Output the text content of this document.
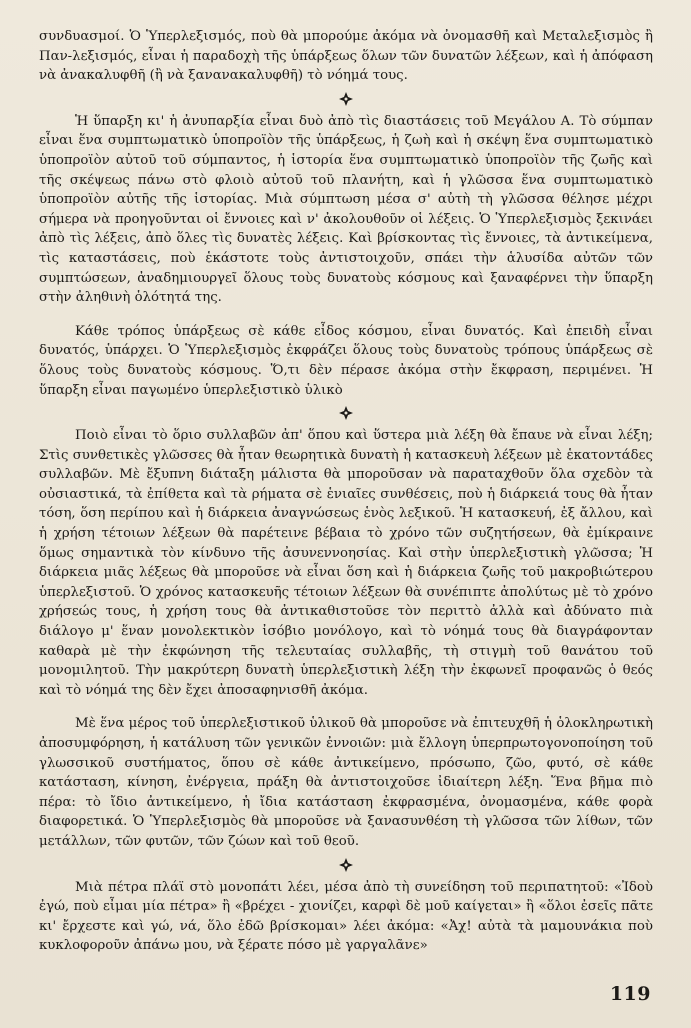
συνδυασμοί. Ὁ Ὑπερλεξισμός, ποὺ θὰ μπορούμε ἀκόμα νὰ ὀνομασθῆ καὶ Μεταλεξισμὸς ἢ Παν-λεξισμός, εἶναι ἡ παραδοχὴ τῆς ὑπάρξεως ὅλων τῶν δυνατῶν λέξεων, καὶ ἡ ἀπόφαση νὰ ἀνακαλυφθῆ (ἢ νὰ ξανανακαλυφθῆ) τὸ νόημά τους.

Ἡ ὕπαρξη κι' ἡ ἀνυπαρξία εἶναι δυὸ ἀπὸ τὶς διαστάσεις τοῦ Μεγάλου Α. Τὸ σύμπαν εἶναι ἕνα συμπτωματικὸ ὑποπροϊὸν τῆς ὑπάρξεως, ἡ ζωὴ καὶ ἡ σκέψη ἕνα συμπτωματικὸ ὑποπροϊὸν αὐτοῦ τοῦ σύμπαντος, ἡ ἱστορία ἕνα συμπτωματικὸ ὑποπροϊὸν τῆς ζωῆς καὶ τῆς σκέψεως πάνω στὸ φλοιὸ αὐτοῦ τοῦ πλανήτη, καὶ ἡ γλῶσσα ἕνα συμπτωματικὸ ὑποπροϊὸν αὐτῆς τῆς ἱστορίας. Μιὰ σύμπτωση μέσα σ' αὐτὴ τὴ γλῶσσα θέλησε μέχρι σήμερα νὰ προηγοῦνται οἱ ἔννοιες καὶ ν' ἀκολουθοῦν οἱ λέξεις. Ὁ Ὑπερλεξισμὸς ξεκινάει ἀπὸ τὶς λέξεις, ἀπὸ ὅλες τὶς δυνατὲς λέξεις. Καὶ βρίσκοντας τὶς ἔννοιες, τὰ ἀντικείμενα, τὶς καταστάσεις, ποὺ ἑκάστοτε τοὺς ἀντιστοιχοῦν, σπάει τὴν ἁλυσίδα αὐτῶν τῶν συμπτώσεων, ἀναδημιουργεῖ ὅλους τοὺς δυνατοὺς κόσμους καὶ ξαναφέρνει τὴν ὕπαρξη στὴν ἀληθινὴ ὁλότητά της.

Κάθε τρόπος ὑπάρξεως σὲ κάθε εἶδος κόσμου, εἶναι δυνατός. Καὶ ἐπειδὴ εἶναι δυνατός, ὑπάρχει. Ὁ Ὑπερλεξισμὸς ἐκφράζει ὅλους τοὺς δυνατοὺς τρόπους ὑπάρξεως σὲ ὅλους τοὺς δυνατοὺς κόσμους. Ὅ,τι δὲν πέρασε ἀκόμα στὴν ἔκφραση, περιμένει. Ἡ ὕπαρξη εἶναι παγωμένο ὑπερλεξιστικὸ ὑλικὸ

Ποιὸ εἶναι τὸ ὅριο συλλαβῶν ἀπ' ὅπου καὶ ὕστερα μιὰ λέξη θὰ ἔπαυε νὰ εἶναι λέξη; Στὶς συνθετικὲς γλῶσσες θὰ ἦταν θεωρητικὰ δυνατὴ ἡ κατασκευὴ λέξεων μὲ ἑκατοντάδες συλλαβῶν. Μὲ ἔξυπνη διάταξη μάλιστα θὰ μποροῦσαν νὰ παραταχθοῦν ὅλα σχεδὸν τὰ οὐσιαστικά, τὰ ἐπίθετα καὶ τὰ ρήματα σὲ ἑνιαῖες συνθέσεις, ποὺ ἡ διάρκειά τους θὰ ἦταν τόση, ὅση περίπου καὶ ἡ διάρκεια ἀναγνώσεως ἑνὸς λεξικοῦ. Ἡ κατασκευή, ἐξ ἄλλου, καὶ ἡ χρήση τέτοιων λέξεων θὰ παρέτεινε βέβαια τὸ χρόνο τῶν συζητήσεων, θὰ ἐμίκραινε ὅμως σημαντικὰ τὸν κίνδυνο τῆς ἀσυνεννοησίας. Καὶ στὴν ὑπερλεξιστικὴ γλῶσσα; Ἡ διάρκεια μιᾶς λέξεως θὰ μποροῦσε νὰ εἶναι ὅση καὶ ἡ διάρκεια ζωῆς τοῦ μακροβιώτερου ὑπερλεξιστοῦ. Ὁ χρόνος κατασκευῆς τέτοιων λέξεων θὰ συνέπιπτε ἀπολύτως μὲ τὸ χρόνο χρήσεώς τους, ἡ χρήση τους θὰ ἀντικαθιστοῦσε τὸν περιττὸ ἀλλὰ καὶ ἀδύνατο πιὰ διάλογο μ' ἕναν μονολεκτικὸν ἰσόβιο μονόλογο, καὶ τὸ νόημά τους θὰ διαγράφονταν καθαρὰ μὲ τὴν ἐκφώνηση τῆς τελευταίας συλλαβῆς, τὴ στιγμὴ τοῦ θανάτου τοῦ μονομιλητοῦ. Τὴν μακρύτερη δυνατὴ ὑπερλεξιστικὴ λέξη τὴν ἐκφωνεῖ προφανῶς ὁ θεός καὶ τὸ νόημά της δὲν ἔχει ἀποσαφηνισθῆ ἀκόμα.

Μὲ ἕνα μέρος τοῦ ὑπερλεξιστικοῦ ὑλικοῦ θὰ μποροῦσε νὰ ἐπιτευχθῆ ἡ ὁλοκληρωτικὴ ἀποσυμφόρηση, ἡ κατάλυση τῶν γενικῶν ἐννοιῶν: μιὰ ἔλλογη ὑπερπρωτογονοποίηση τοῦ γλωσσικοῦ συστήματος, ὅπου σὲ κάθε ἀντικείμενο, πρόσωπο, ζῶο, φυτό, σὲ κάθε κατάσταση, κίνηση, ἐνέργεια, πράξη θὰ ἀντιστοιχοῦσε ἰδιαίτερη λέξη. Ἕνα βῆμα πιὸ πέρα: τὸ ἴδιο ἀντικείμενο, ἡ ἴδια κατάσταση ἐκφρασμένα, ὀνομασμένα, κάθε φορὰ διαφορετικά. Ὁ Ὑπερλεξισμὸς θὰ μποροῦσε νὰ ξανασυνθέση τὴ γλῶσσα τῶν λίθων, τῶν μετάλλων, τῶν φυτῶν, τῶν ζώων καὶ τοῦ θεοῦ.

Μιὰ πέτρα πλάϊ στὸ μονοπάτι λέει, μέσα ἀπὸ τὴ συνείδηση τοῦ περιπατητοῦ: «Ἰδοὺ ἐγώ, ποὺ εἶμαι μία πέτρα» ἢ «βρέχει - χιονίζει, καρφὶ δὲ μοῦ καίγεται» ἢ «ὅλοι ἐσεῖς πᾶτε κι' ἔρχεστε καὶ γώ, νά, ὅλο ἐδῶ βρίσκομαι» λέει ἀκόμα: «Ἀχ! αὐτὰ τὰ μαμουνάκια ποὺ κυκλοφοροῦν ἀπάνω μου, νὰ ξέρατε πόσο μὲ γαργαλᾶνε»

119
